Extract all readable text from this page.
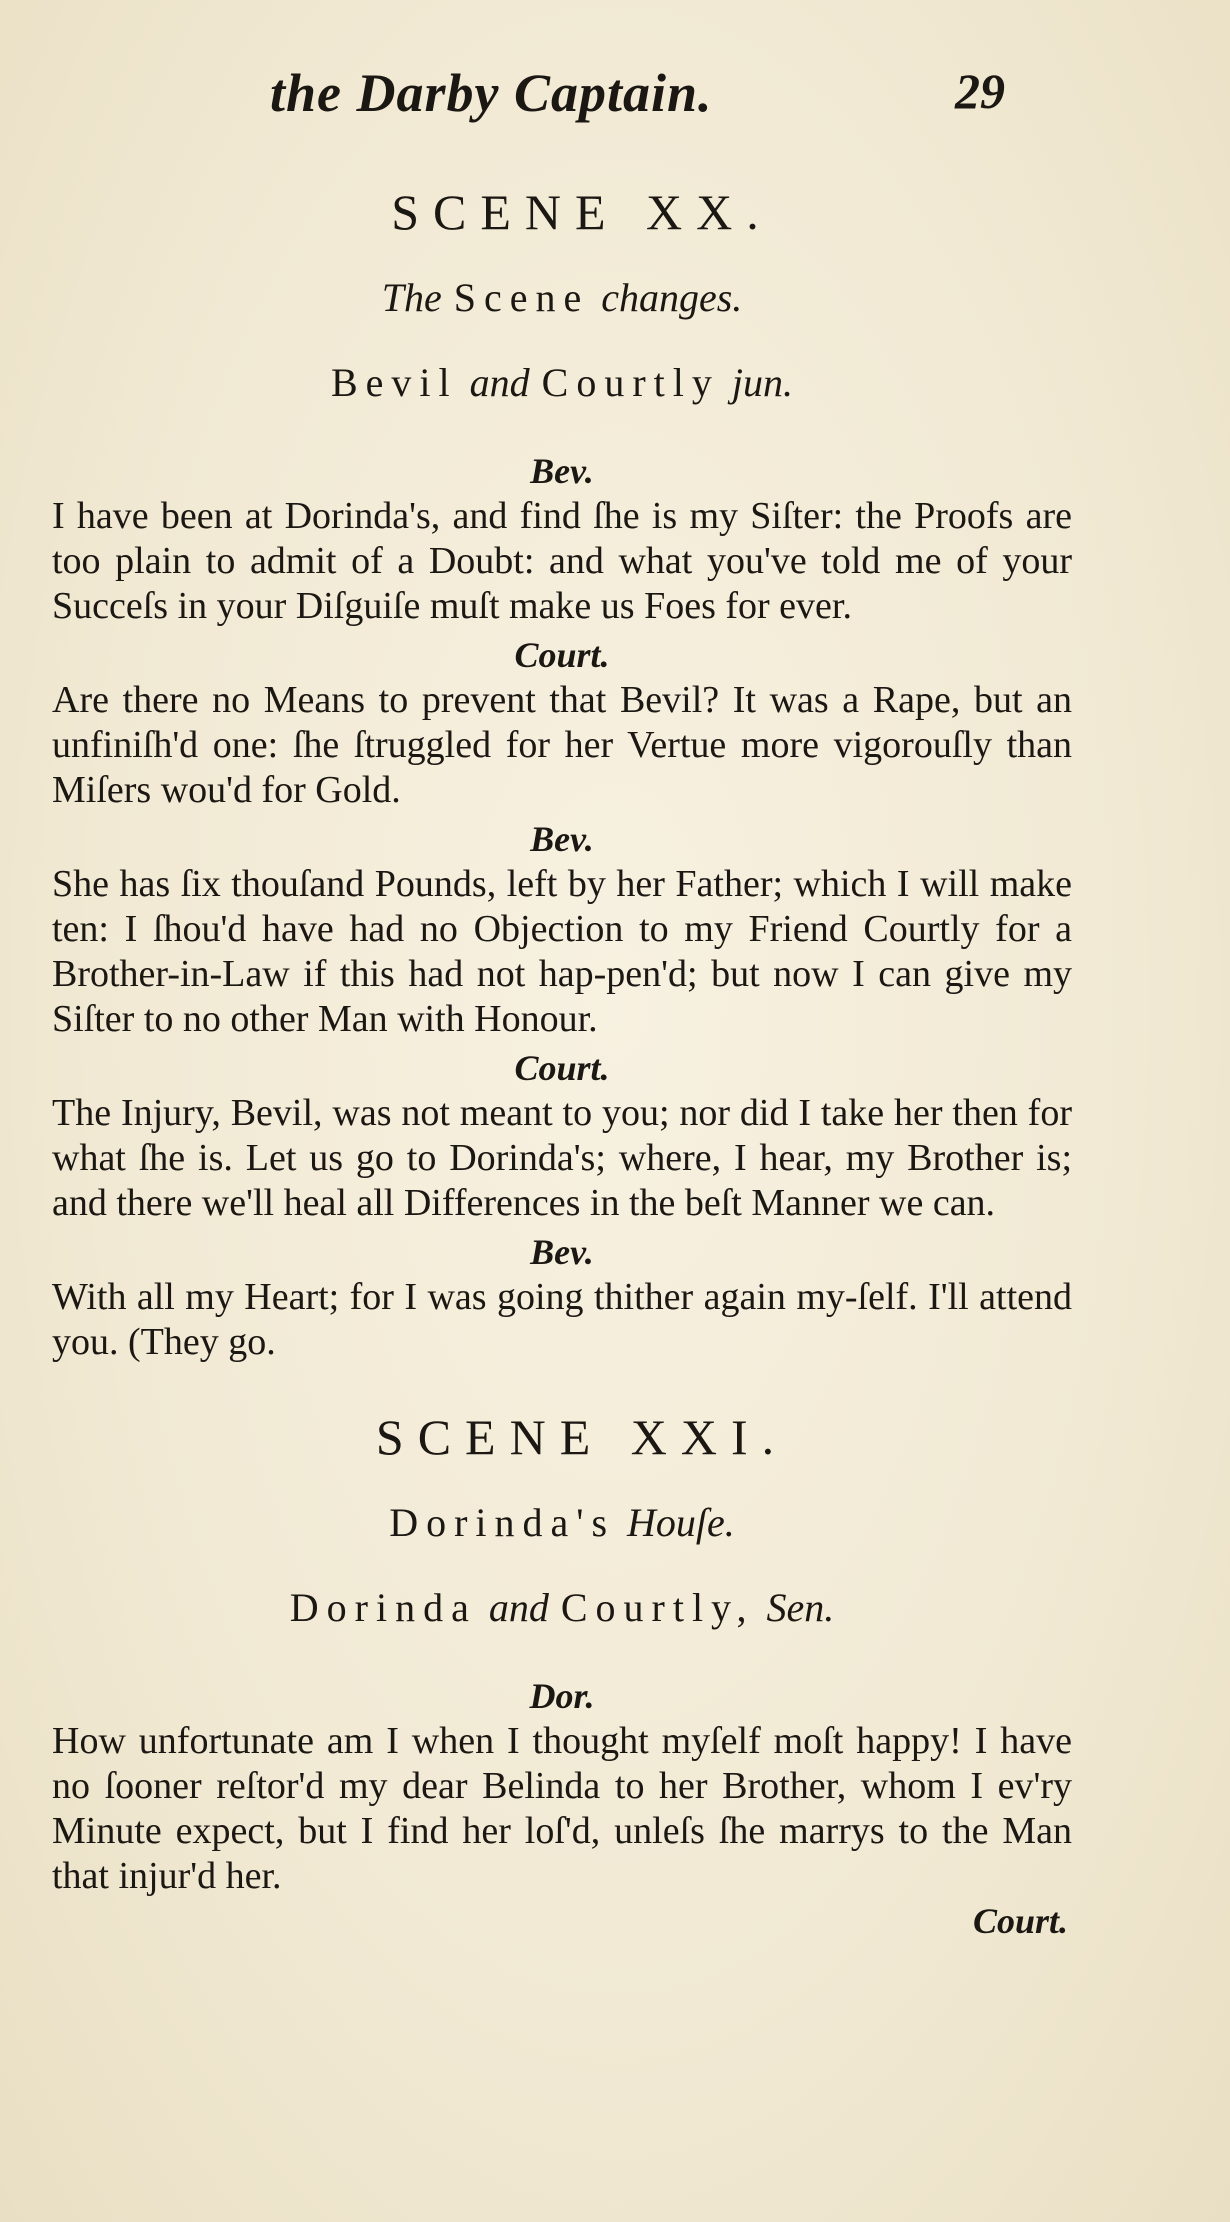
the Darby Captain.	29
SCENE XX.
The Scene changes.
Bevil and Courtly jun.
Bev.

I have been at Dorinda's, and find ſhe is my Siſter: the Proofs are too plain to admit of a Doubt: and what you've told me of your Succeſs in your Diſguiſe muſt make us Foes for ever.

Court.

Are there no Means to prevent that Bevil? It was a Rape, but an unfiniſh'd one: ſhe ſtruggled for her Vertue more vigorouſly than Miſers wou'd for Gold.

Bev.

She has ſix thouſand Pounds, left by her Father; which I will make ten: I ſhou'd have had no Objection to my Friend Courtly for a Brother-in-Law if this had not hap-pen'd; but now I can give my Siſter to no other Man with Honour.

Court.

The Injury, Bevil, was not meant to you; nor did I take her then for what ſhe is. Let us go to Dorinda's; where, I hear, my Brother is; and there we'll heal all Differences in the beſt Manner we can.

Bev.

With all my Heart; for I was going thither again my-ſelf. I'll attend you. (They go.

SCENE XXI.
Dorinda's Houſe.
Dorinda and Courtly, Sen.
Dor.

How unfortunate am I when I thought myſelf moſt happy! I have no ſooner reſtor'd my dear Belinda to her Brother, whom I ev'ry Minute expect, but I find her loſ'd, unleſs ſhe marrys to the Man that injur'd her.

Court.
